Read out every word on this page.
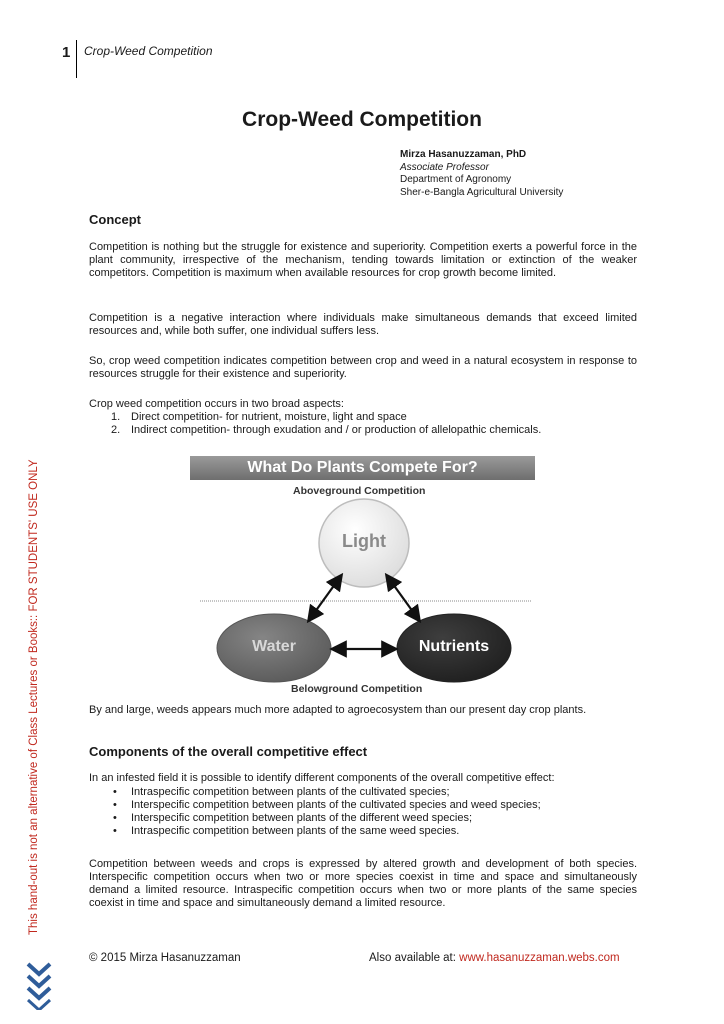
1 Crop-Weed Competition
This hand-out is not an alternative of Class Lectures or Books:: FOR STUDENTS' USE ONLY
Crop-Weed Competition
Mirza Hasanuzzaman, PhD
Associate Professor
Department of Agronomy
Sher-e-Bangla Agricultural University
Concept

Competition is nothing but the struggle for existence and superiority. Competition exerts a powerful force in the plant community, irrespective of the mechanism, tending towards limitation or extinction of the weaker competitors. Competition is maximum when available resources for crop growth become limited.

Competition is a negative interaction where individuals make simultaneous demands that exceed limited resources and, while both suffer, one individual suffers less.

So, crop weed competition indicates competition between crop and weed in a natural ecosystem in response to resources struggle for their existence and superiority.

Crop weed competition occurs in two broad aspects:

1. Direct competition- for nutrient, moisture, light and space
2. Indirect competition- through exudation and / or production of allelopathic chemicals.
What Do Plants Compete For?
Aboveground Competition
Light
Water	Nutrients
Belowground Competition

By and large, weeds appears much more adapted to agroecosystem than our present day crop plants.

Components of the overall competitive effect

In an infested field it is possible to identify different components of the overall competitive effect:

• Intraspecific competition between plants of the cultivated species;
• Interspecific competition between plants of the cultivated species and weed species;
• Interspecific competition between plants of the different weed species;
• Intraspecific competition between plants of the same weed species.

Competition between weeds and crops is expressed by altered growth and development of both species. Interspecific competition occurs when two or more species coexist in time and space and simultaneously demand a limited resource. Intraspecific competition occurs when two or more plants of the same species coexist in time and space and simultaneously demand a limited resource.

© 2015 Mirza Hasanuzzaman	Also available at: www.hasanuzzaman.webs.com
